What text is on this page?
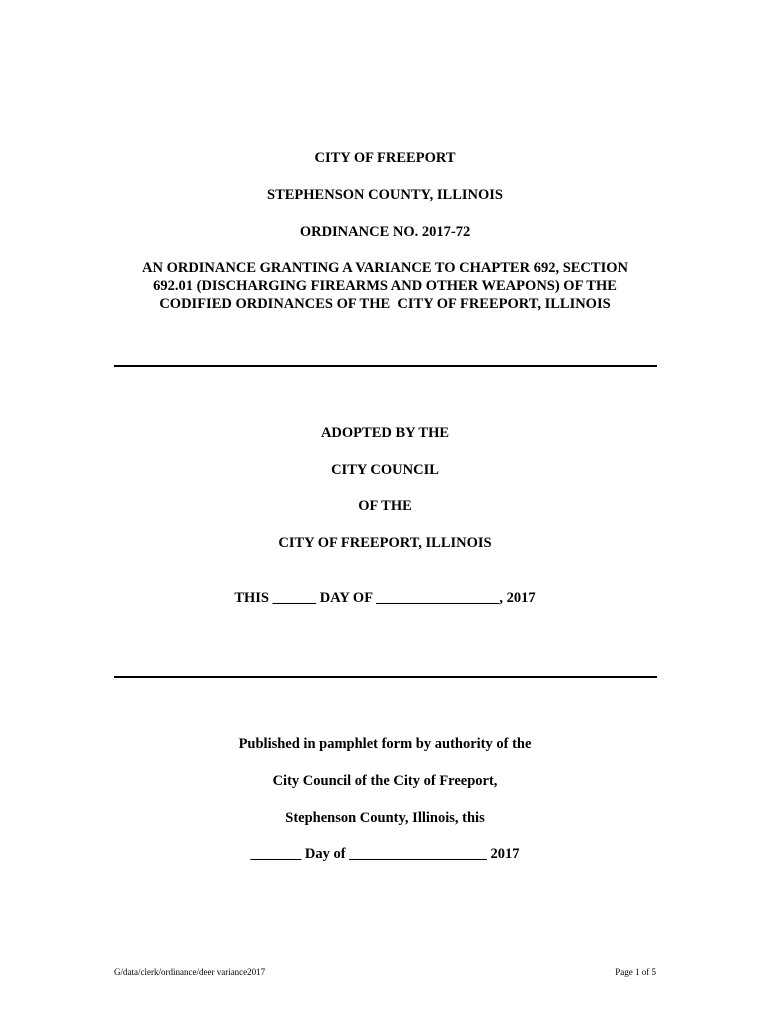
CITY OF FREEPORT
STEPHENSON COUNTY, ILLINOIS
ORDINANCE NO. 2017-72
AN ORDINANCE GRANTING A VARIANCE TO CHAPTER 692, SECTION
692.01 (DISCHARGING FIREARMS AND OTHER WEAPONS) OF THE
CODIFIED ORDINANCES OF THE  CITY OF FREEPORT, ILLINOIS
ADOPTED BY THE
CITY COUNCIL
OF THE
CITY OF FREEPORT, ILLINOIS
THIS ______ DAY OF _________________, 2017
Published in pamphlet form by authority of the
City Council of the City of Freeport,
Stephenson County, Illinois, this
_______ Day of ___________________ 2017
G/data/clerk/ordinance/deer variance2017	Page 1 of 5
